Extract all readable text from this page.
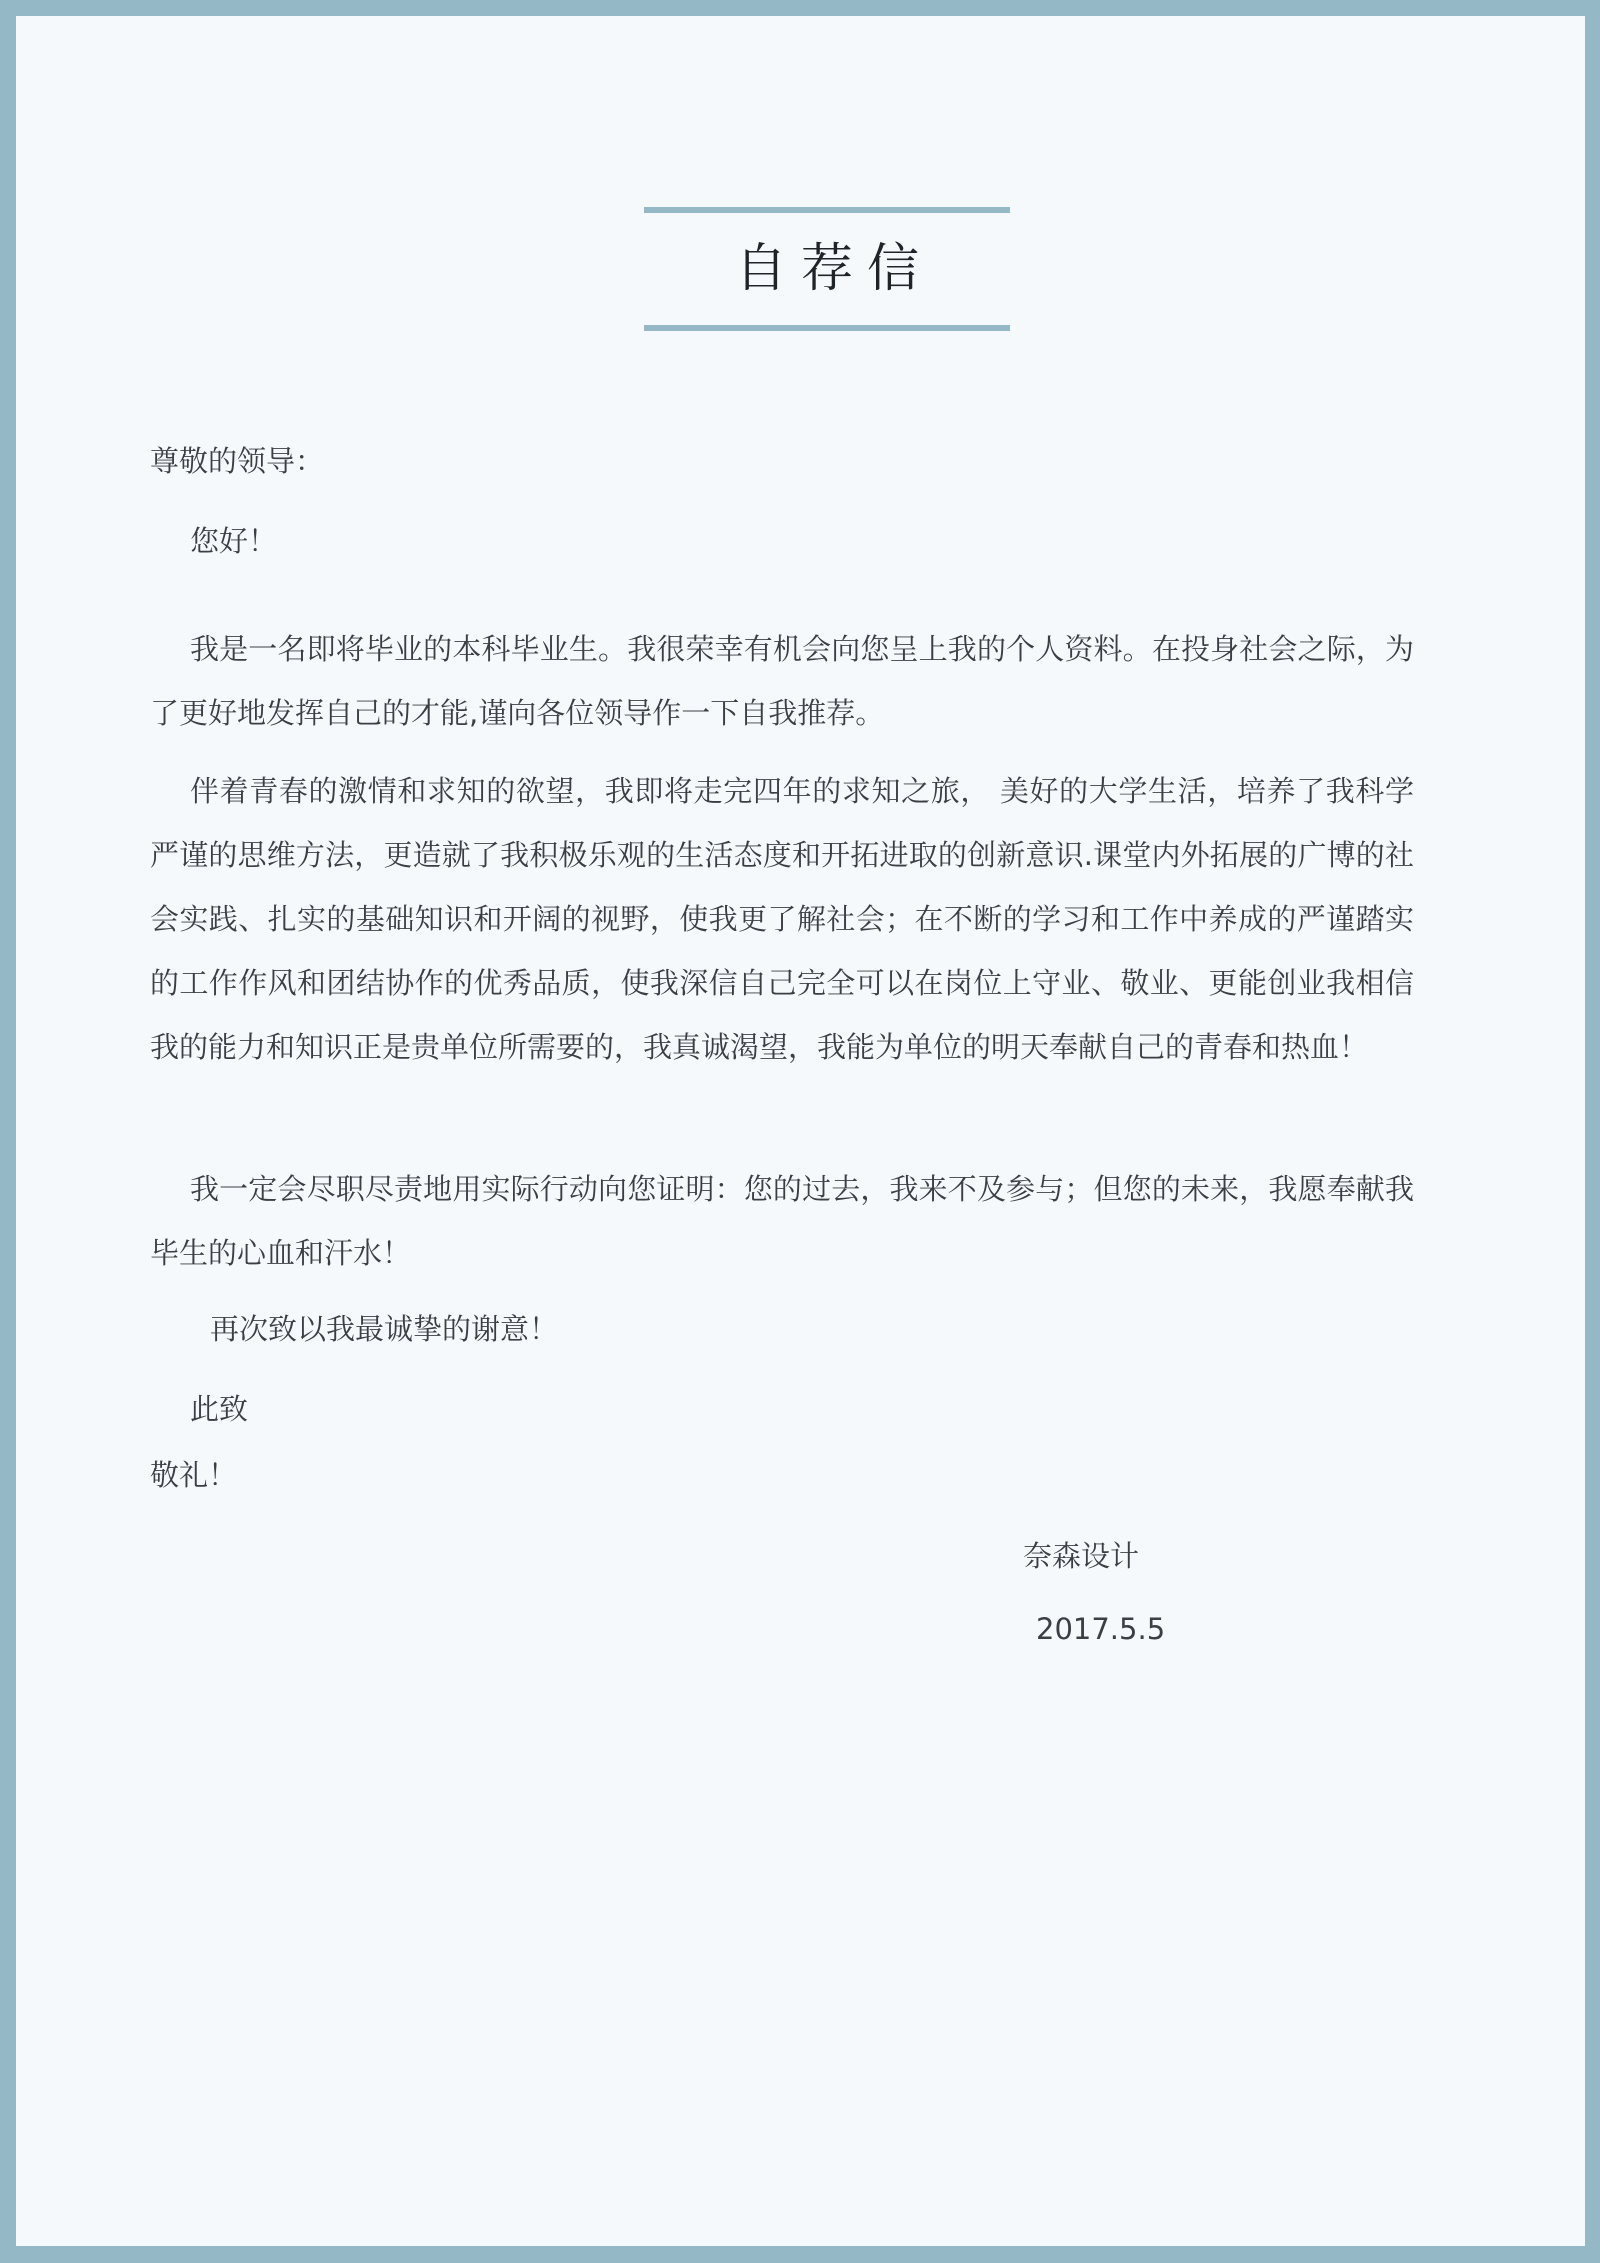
自荐信
尊敬的领导：
您好！
我是一名即将毕业的本科毕业生。我很荣幸有机会向您呈上我的个人资料。在投身社会之际，为了更好地发挥自己的才能,谨向各位领导作一下自我推荐。
伴着青春的激情和求知的欲望，我即将走完四年的求知之旅， 美好的大学生活，培养了我科学严谨的思维方法，更造就了我积极乐观的生活态度和开拓进取的创新意识.课堂内外拓展的广博的社会实践、扎实的基础知识和开阔的视野，使我更了解社会；在不断的学习和工作中养成的严谨踏实的工作作风和团结协作的优秀品质，使我深信自己完全可以在岗位上守业、敬业、更能创业我相信我的能力和知识正是贵单位所需要的，我真诚渴望，我能为单位的明天奉献自己的青春和热血！
我一定会尽职尽责地用实际行动向您证明：您的过去，我来不及参与；但您的未来，我愿奉献我毕生的心血和汗水！
再次致以我最诚挚的谢意！
此致
敬礼！
奈森设计
2017.5.5
